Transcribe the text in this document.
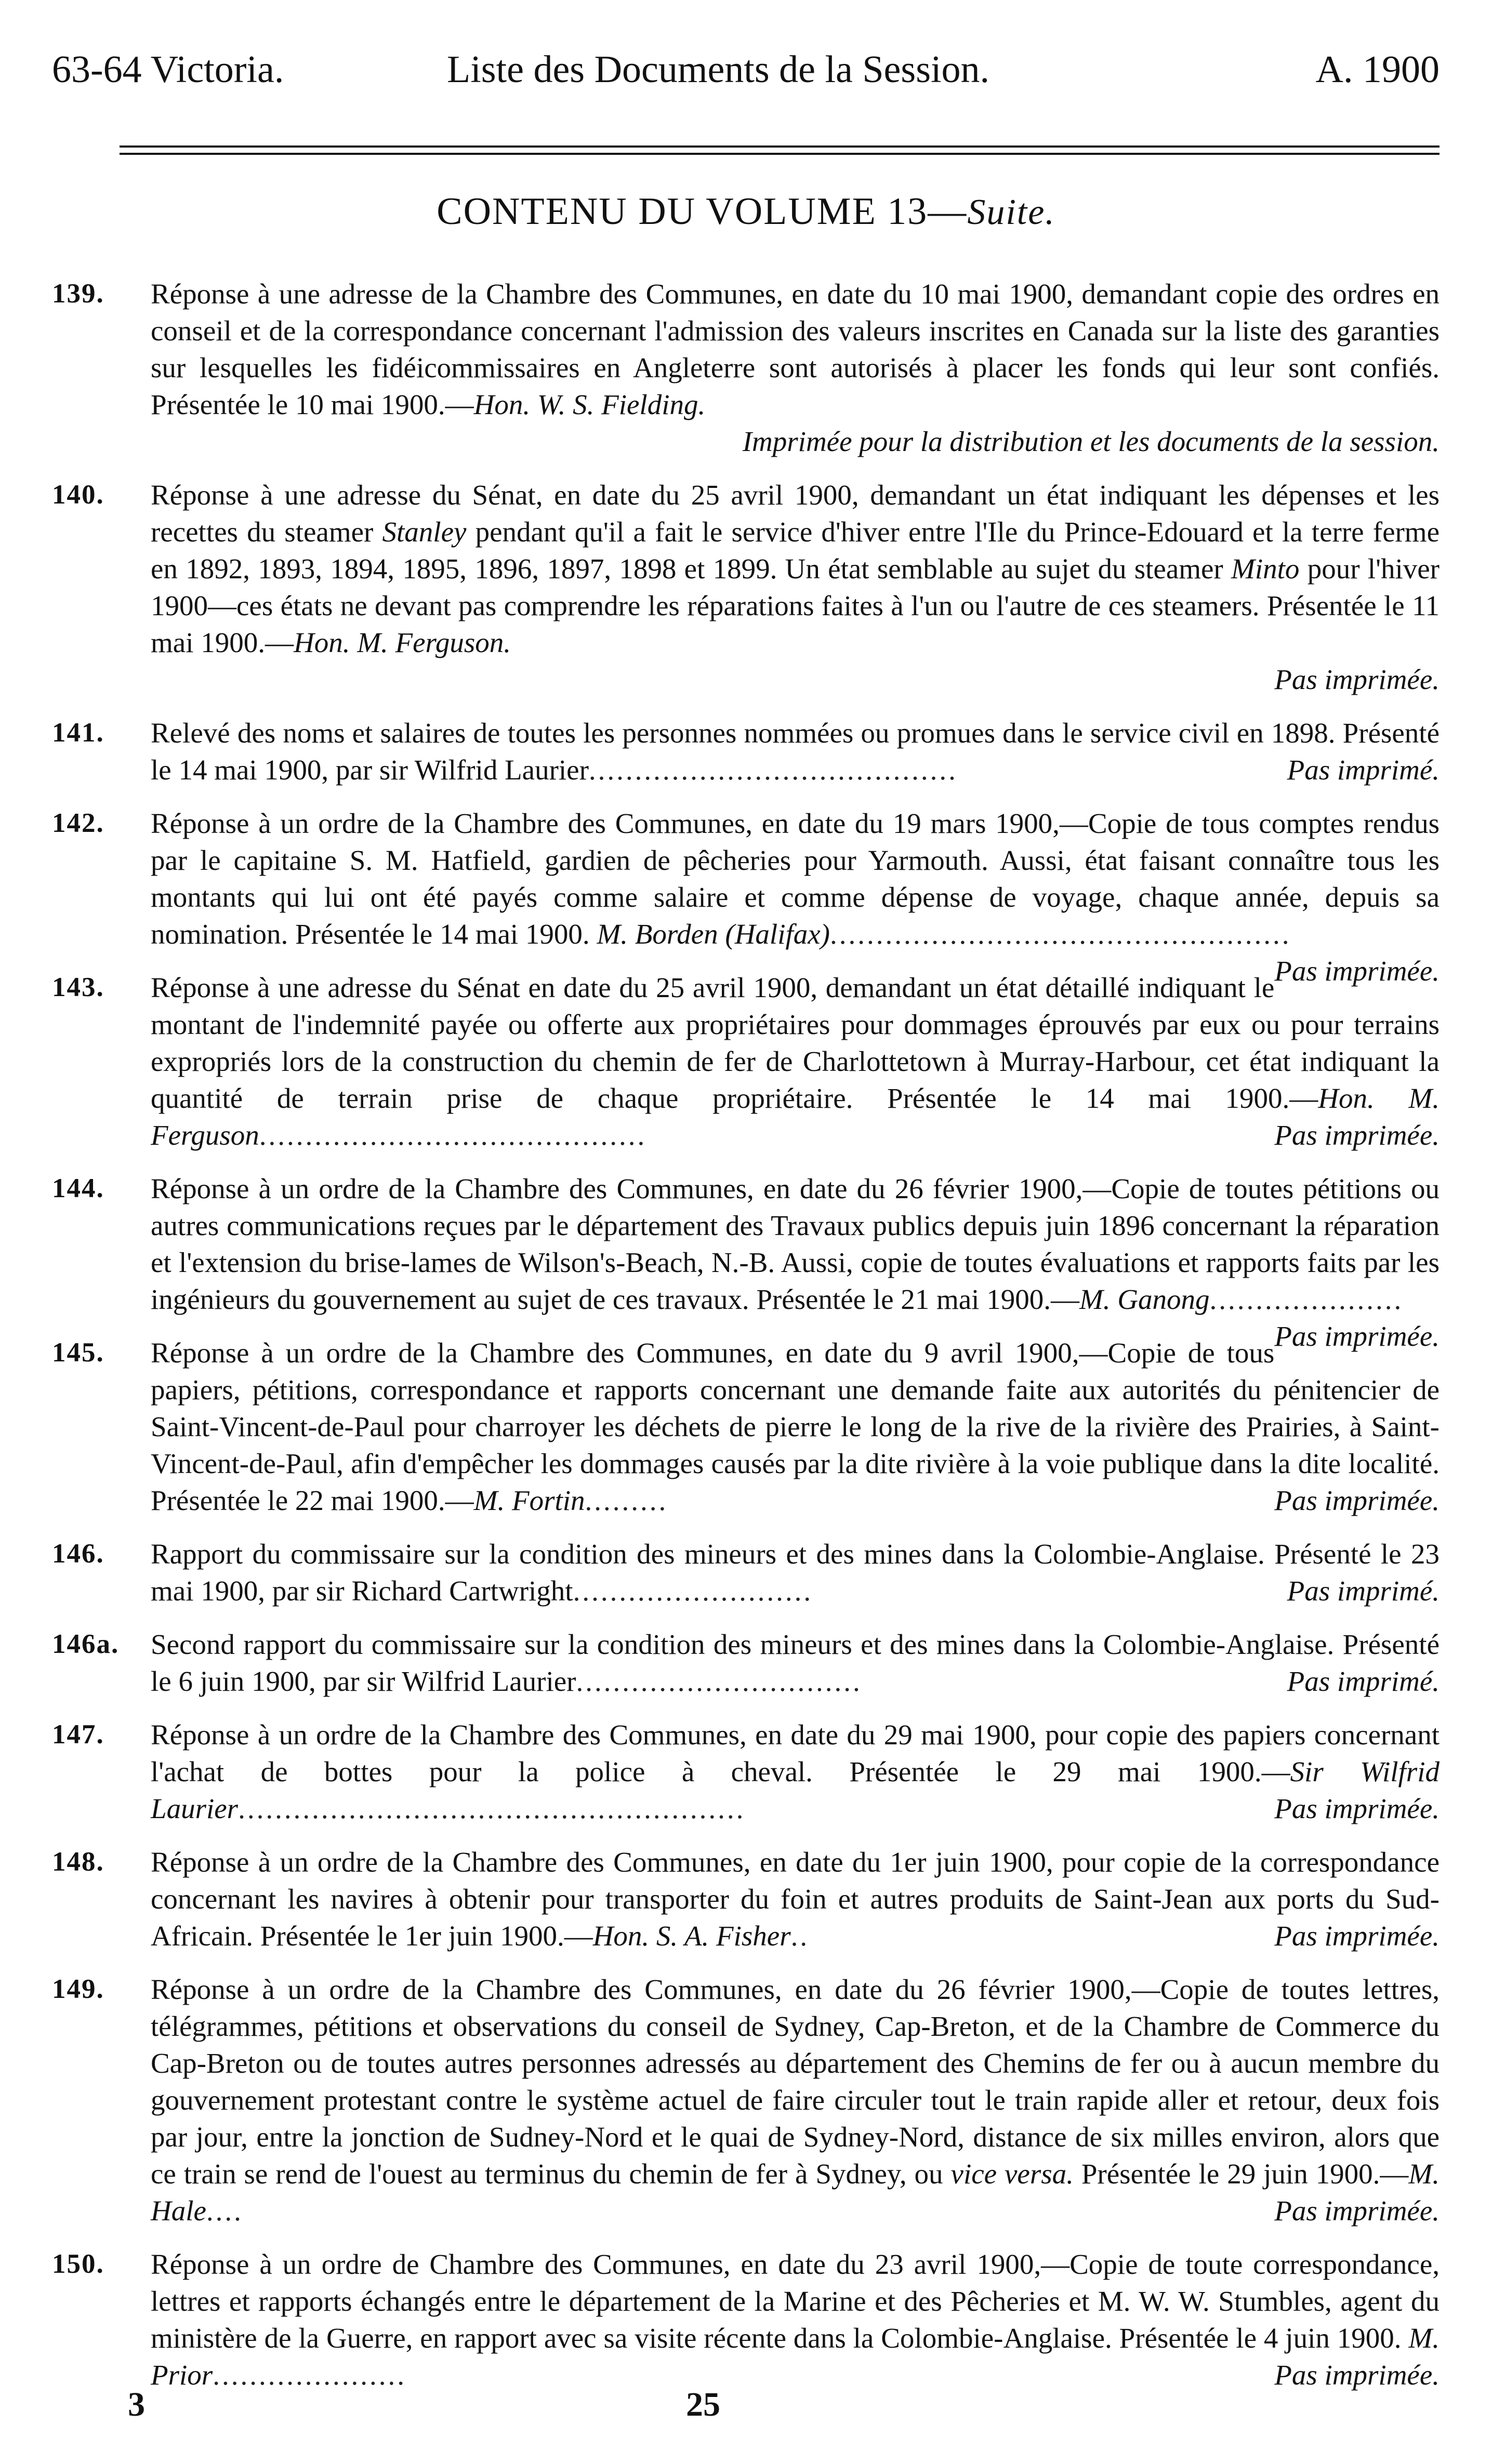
63-64 Victoria.	Liste des Documents de la Session.	A. 1900
CONTENU DU VOLUME 13—Suite.
139.	Réponse à une adresse de la Chambre des Communes, en date du 10 mai 1900, demandant copie des ordres en conseil et de la correspondance concernant l'admission des valeurs inscrites en Canada sur la liste des garanties sur lesquelles les fidéicommissaires en Angleterre sont autorisés à placer les fonds qui leur sont confiés. Présentée le 10 mai 1900.—Hon. W. S. Fielding.
Imprimée pour la distribution et les documents de la session.
140.	Réponse à une adresse du Sénat, en date du 25 avril 1900, demandant un état indiquant les dépenses et les recettes du steamer Stanley pendant qu'il a fait le service d'hiver entre l'Ile du Prince-Edouard et la terre ferme en 1892, 1893, 1894, 1895, 1896, 1897, 1898 et 1899. Un état semblable au sujet du steamer Minto pour l'hiver 1900—ces états ne devant pas comprendre les réparations faites à l'un ou l'autre de ces steamers. Présentée le 11 mai 1900.—Hon. M. Ferguson.
Pas imprimée.
141.	Relevé des noms et salaires de toutes les personnes nommées ou promues dans le service civil en 1898. Présenté le 14 mai 1900, par sir Wilfrid Laurier........................................	Pas imprimé.
142.	Réponse à un ordre de la Chambre des Communes, en date du 19 mars 1900,—Copie de tous comptes rendus par le capitaine S. M. Hatfield, gardien de pêcheries pour Yarmouth. Aussi, état faisant connaître tous les montants qui lui ont été payés comme salaire et comme dépense de voyage, chaque année, depuis sa nomination. Présentée le 14 mai 1900. M. Borden (Halifax)..................................................
Pas imprimée.
143.	Réponse à une adresse du Sénat en date du 25 avril 1900, demandant un état détaillé indiquant le montant de l'indemnité payée ou offerte aux propriétaires pour dommages éprouvés par eux ou pour terrains expropriés lors de la construction du chemin de fer de Charlottetown à Murray-Harbour, cet état indiquant la quantité de terrain prise de chaque propriétaire. Présentée le 14 mai 1900.—Hon. M. Ferguson..........................................	Pas imprimée.
144.	Réponse à un ordre de la Chambre des Communes, en date du 26 février 1900,—Copie de toutes pétitions ou autres communications reçues par le département des Travaux publics depuis juin 1896 concernant la réparation et l'extension du brise-lames de Wilson's-Beach, N.-B. Aussi, copie de toutes évaluations et rapports faits par les ingénieurs du gouvernement au sujet de ces travaux. Présentée le 21 mai 1900.—M. Ganong.....................
Pas imprimée.
145.	Réponse à un ordre de la Chambre des Communes, en date du 9 avril 1900,—Copie de tous papiers, pétitions, correspondance et rapports concernant une demande faite aux autorités du pénitencier de Saint-Vincent-de-Paul pour charroyer les déchets de pierre le long de la rive de la rivière des Prairies, à Saint-Vincent-de-Paul, afin d'empêcher les dommages causés par la dite rivière à la voie publique dans la dite localité. Présentée le 22 mai 1900.—M. Fortin.........	Pas imprimée.
146.	Rapport du commissaire sur la condition des mineurs et des mines dans la Colombie-Anglaise. Présenté le 23 mai 1900, par sir Richard Cartwright..........................	Pas imprimé.
146a.	Second rapport du commissaire sur la condition des mineurs et des mines dans la Colombie-Anglaise. Présenté le 6 juin 1900, par sir Wilfrid Laurier...............................	Pas imprimé.
147.	Réponse à un ordre de la Chambre des Communes, en date du 29 mai 1900, pour copie des papiers concernant l'achat de bottes pour la police à cheval. Présentée le 29 mai 1900.—Sir Wilfrid Laurier.......................................................	Pas imprimée.
148.	Réponse à un ordre de la Chambre des Communes, en date du 1er juin 1900, pour copie de la correspondance concernant les navires à obtenir pour transporter du foin et autres produits de Saint-Jean aux ports du Sud-Africain. Présentée le 1er juin 1900.—Hon. S. A. Fisher..	Pas imprimée.
149.	Réponse à un ordre de la Chambre des Communes, en date du 26 février 1900,—Copie de toutes lettres, télégrammes, pétitions et observations du conseil de Sydney, Cap-Breton, et de la Chambre de Commerce du Cap-Breton ou de toutes autres personnes adressés au département des Chemins de fer ou à aucun membre du gouvernement protestant contre le système actuel de faire circuler tout le train rapide aller et retour, deux fois par jour, entre la jonction de Sudney-Nord et le quai de Sydney-Nord, distance de six milles environ, alors que ce train se rend de l'ouest au terminus du chemin de fer à Sydney, ou vice versa. Présentée le 29 juin 1900.—M. Hale....	Pas imprimée.
150.	Réponse à un ordre de Chambre des Communes, en date du 23 avril 1900,—Copie de toute correspondance, lettres et rapports échangés entre le département de la Marine et des Pêcheries et M. W. W. Stumbles, agent du ministère de la Guerre, en rapport avec sa visite récente dans la Colombie-Anglaise. Présentée le 4 juin 1900. M. Prior.....................	Pas imprimée.
3	25
